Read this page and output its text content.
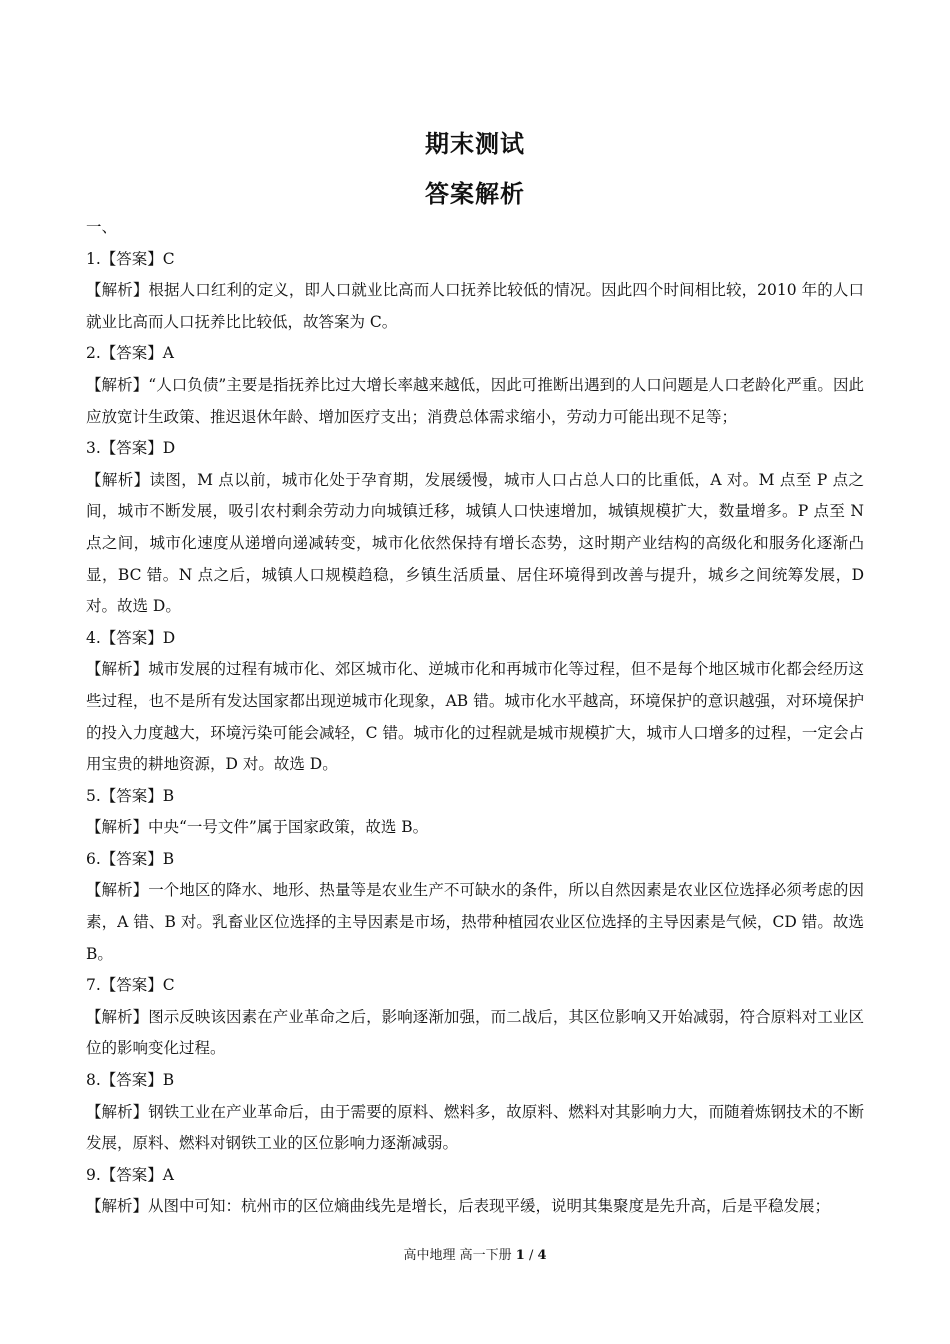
期末测试
答案解析
一、
1.【答案】C
【解析】根据人口红利的定义，即人口就业比高而人口抚养比较低的情况。因此四个时间相比较，2010 年的人口就业比高而人口抚养比比较低，故答案为 C。
2.【答案】A
【解析】“人口负债”主要是指抚养比过大增长率越来越低，因此可推断出遇到的人口问题是人口老龄化严重。因此应放宽计生政策、推迟退休年龄、增加医疗支出；消费总体需求缩小，劳动力可能出现不足等；
3.【答案】D
【解析】读图，M 点以前，城市化处于孕育期，发展缓慢，城市人口占总人口的比重低，A 对。M 点至 P 点之间，城市不断发展，吸引农村剩余劳动力向城镇迁移，城镇人口快速增加，城镇规模扩大，数量增多。P 点至 N 点之间，城市化速度从递增向递减转变，城市化依然保持有增长态势，这时期产业结构的高级化和服务化逐渐凸显，BC 错。N 点之后，城镇人口规模趋稳，乡镇生活质量、居住环境得到改善与提升，城乡之间统筹发展，D 对。故选 D。
4.【答案】D
【解析】城市发展的过程有城市化、郊区城市化、逆城市化和再城市化等过程，但不是每个地区城市化都会经历这些过程，也不是所有发达国家都出现逆城市化现象，AB 错。城市化水平越高，环境保护的意识越强，对环境保护的投入力度越大，环境污染可能会减轻，C 错。城市化的过程就是城市规模扩大，城市人口增多的过程，一定会占用宝贵的耕地资源，D 对。故选 D。
5.【答案】B
【解析】中央“一号文件”属于国家政策，故选 B。
6.【答案】B
【解析】一个地区的降水、地形、热量等是农业生产不可缺水的条件，所以自然因素是农业区位选择必须考虑的因素，A 错、B 对。乳畜业区位选择的主导因素是市场，热带种植园农业区位选择的主导因素是气候，CD 错。故选 B。
7.【答案】C
【解析】图示反映该因素在产业革命之后，影响逐渐加强，而二战后，其区位影响又开始减弱，符合原料对工业区位的影响变化过程。
8.【答案】B
【解析】钢铁工业在产业革命后，由于需要的原料、燃料多，故原料、燃料对其影响力大，而随着炼钢技术的不断发展，原料、燃料对钢铁工业的区位影响力逐渐减弱。
9.【答案】A
【解析】从图中可知：杭州市的区位熵曲线先是增长，后表现平缓，说明其集聚度是先升高，后是平稳发展；
高中地理 高一下册 1 / 4
